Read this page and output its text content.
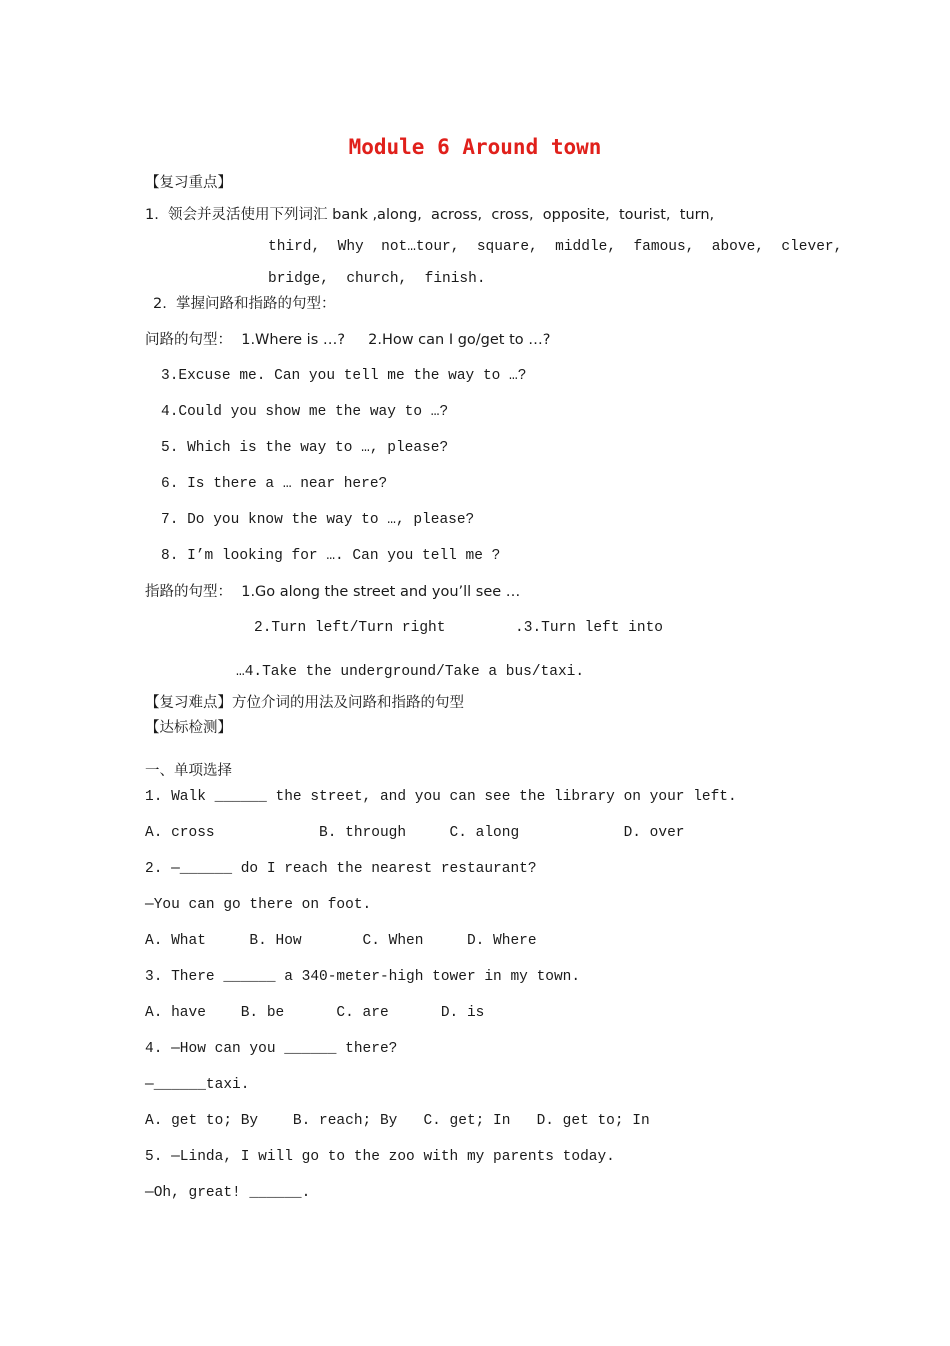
Module 6 Around town
【复习重点】
1.  领会并灵活使用下列词汇 bank ,along,  across,  cross,  opposite,  tourist,  turn,
third,  Why  not…tour,  square,  middle,  famous,  above,  clever,
bridge,  church,  finish.
2.  掌握问路和指路的句型：
问路的句型：  1.Where is …?     2.How can I go/get to …?
3.Excuse me. Can you tell me the way to …?
4.Could you show me the way to …?
5. Which is the way to …, please?
6. Is there a … near here?
7. Do you know the way to …, please?
8. I’m looking for …. Can you tell me ?
指路的句型：  1.Go along the street and you’ll see …
2.Turn left/Turn right        .3.Turn left into
…4.Take the underground/Take a bus/taxi.
【复习难点】方位介词的用法及问路和指路的句型
【达标检测】
一、单项选择
1. Walk ______ the street, and you can see the library on your left.
A. cross            B. through     C. along            D. over
2. —______ do I reach the nearest restaurant?
—You can go there on foot.
A. What     B. How       C. When     D. Where
3. There ______ a 340-meter-high tower in my town.
A. have    B. be      C. are      D. is
4. —How can you ______ there?
—______taxi.
A. get to; By    B. reach; By   C. get; In   D. get to; In
5. —Linda, I will go to the zoo with my parents today.
—Oh, great! ______.
